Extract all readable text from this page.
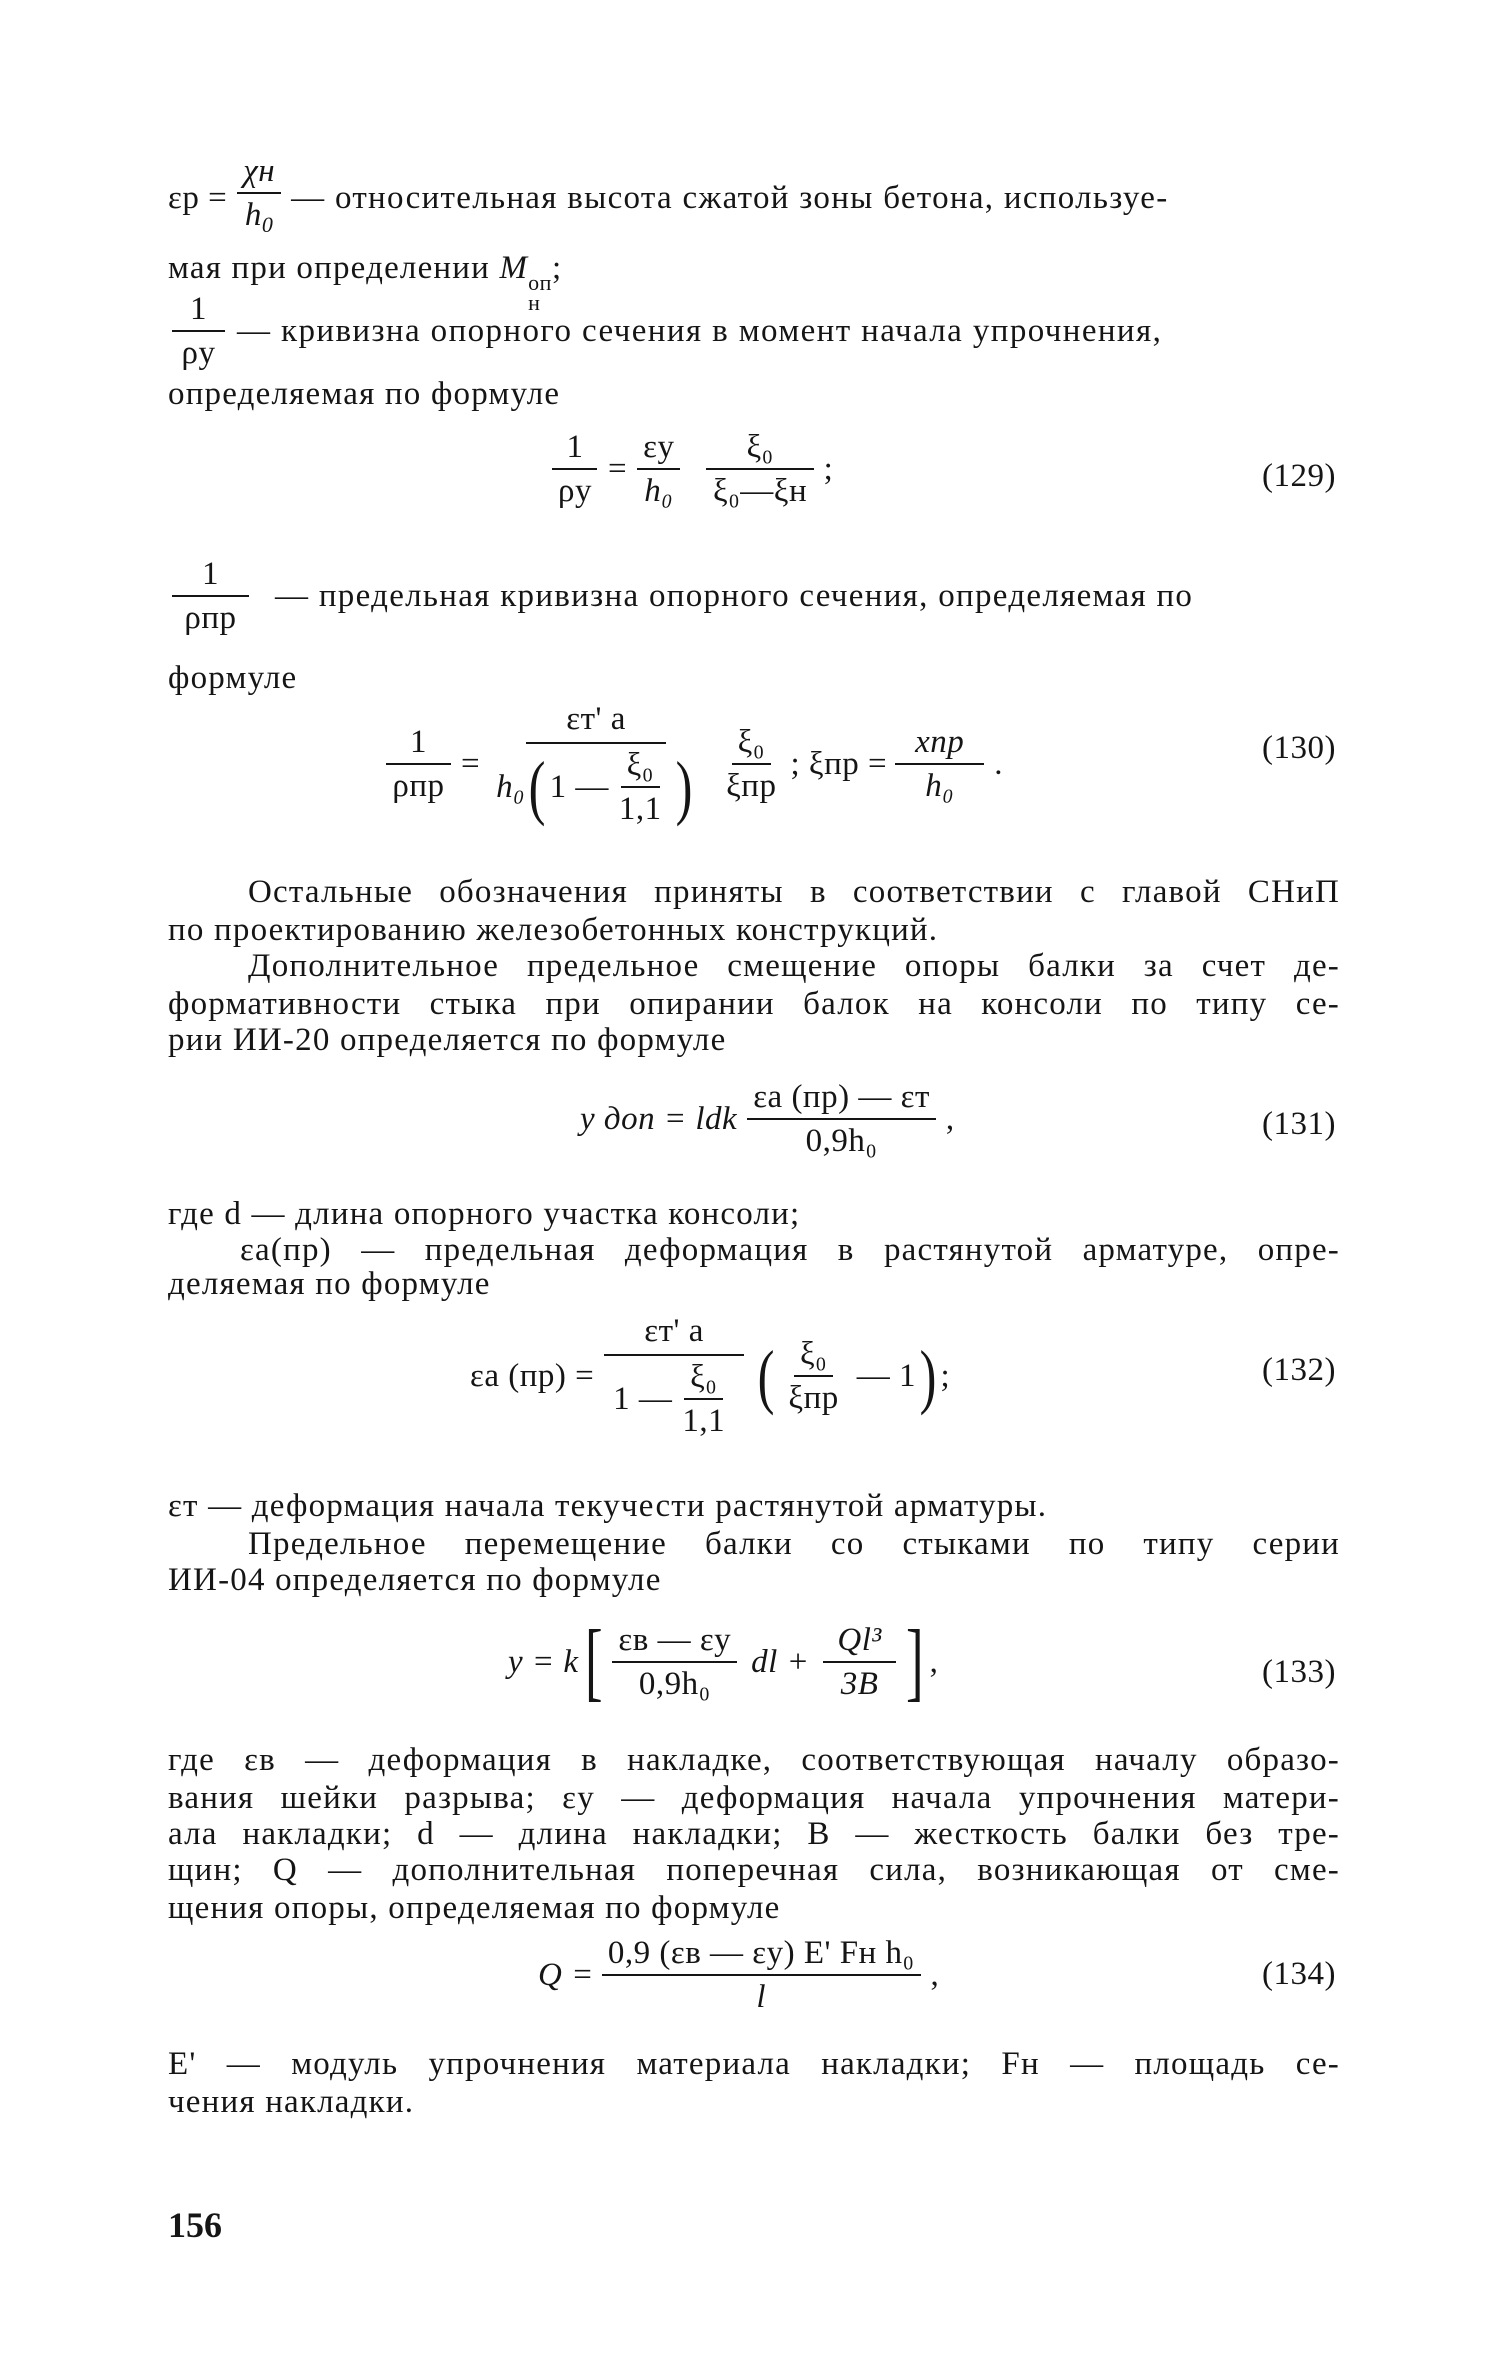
$\varepsilon р = \frac{\chi н}{h_0}$ — относительная высота сжатой зоны бетона, используе-
мая при определении M оп
н
;
$\frac{1}{\rho у}$ — кривизна опорного сечения в момент начала упрочнения,
определяемая по формуле
$\frac{1}{\rho у} = \frac{\varepsilon у}{\text{h₀}} \frac{\text{ξ₀}}{\text{ξ₀—ξн}}$ ;	(129)
$\frac{1}{\text{ρпр}}$ — предельная кривизна опорного сечения, определяемая по
формуле
$\frac{1}{\text{ρпр}}$ =
εт' а
h₀ ( 1 — $\frac{\text{ξ₀}}{1,1}$ ) $\frac{\text{ξ₀}}{\text{ξпр}}$ ; $\xi пр = \frac{\text{xпр}}{\text{h₀}}$ .	(130)
Остальные обозначения приняты в соответствии с главой СНиП
по проектированию железобетонных конструкций.
Дополнительное предельное смещение опоры балки за счет де-
формативности стыка при опирании балок на консоли по типу се-
рии ИИ-20 определяется по формуле
y доп = ldk $\frac{\varepsilon а (пр) — \varepsilon т}{\text{0,9h₀}}$ ,	(131)
где d — длина опорного участка консоли;
εа(пр) — предельная деформация в растянутой арматуре, опре-
деляемая по формуле
εа $(пр) = \frac{\varepsilon т' а}{1 — \frac{\text{ξ₀}}{1,1}}$ ( $\frac{\text{ξ₀}}{\text{ξпр}}$ — 1 ) ;	(132)
εт — деформация начала текучести растянутой арматуры.
Предельное перемещение балки со стыками по типу серии
ИИ-04 определяется по формуле
y = k [ $\frac{\varepsilon в — \varepsilon у}{\text{0,9h₀}}$ dl + $\frac{\text{Ql³}}{3B}$ ] ,	(133)
где εв — деформация в накладке, соответствующая началу образо-
вания шейки разрыва; εу — деформация начала упрочнения матери-
ала накладки; d — длина накладки; B — жесткость балки без тре-
щин; Q — дополнительная поперечная сила, возникающая от сме-
щения опоры, определяемая по формуле
$Q = \frac{\text{0,9 (εв — εу) E' Fн h₀}}{l}$ ,	(134)
E' — модуль упрочнения материала накладки; Fн — площадь се-
чения накладки.
156
